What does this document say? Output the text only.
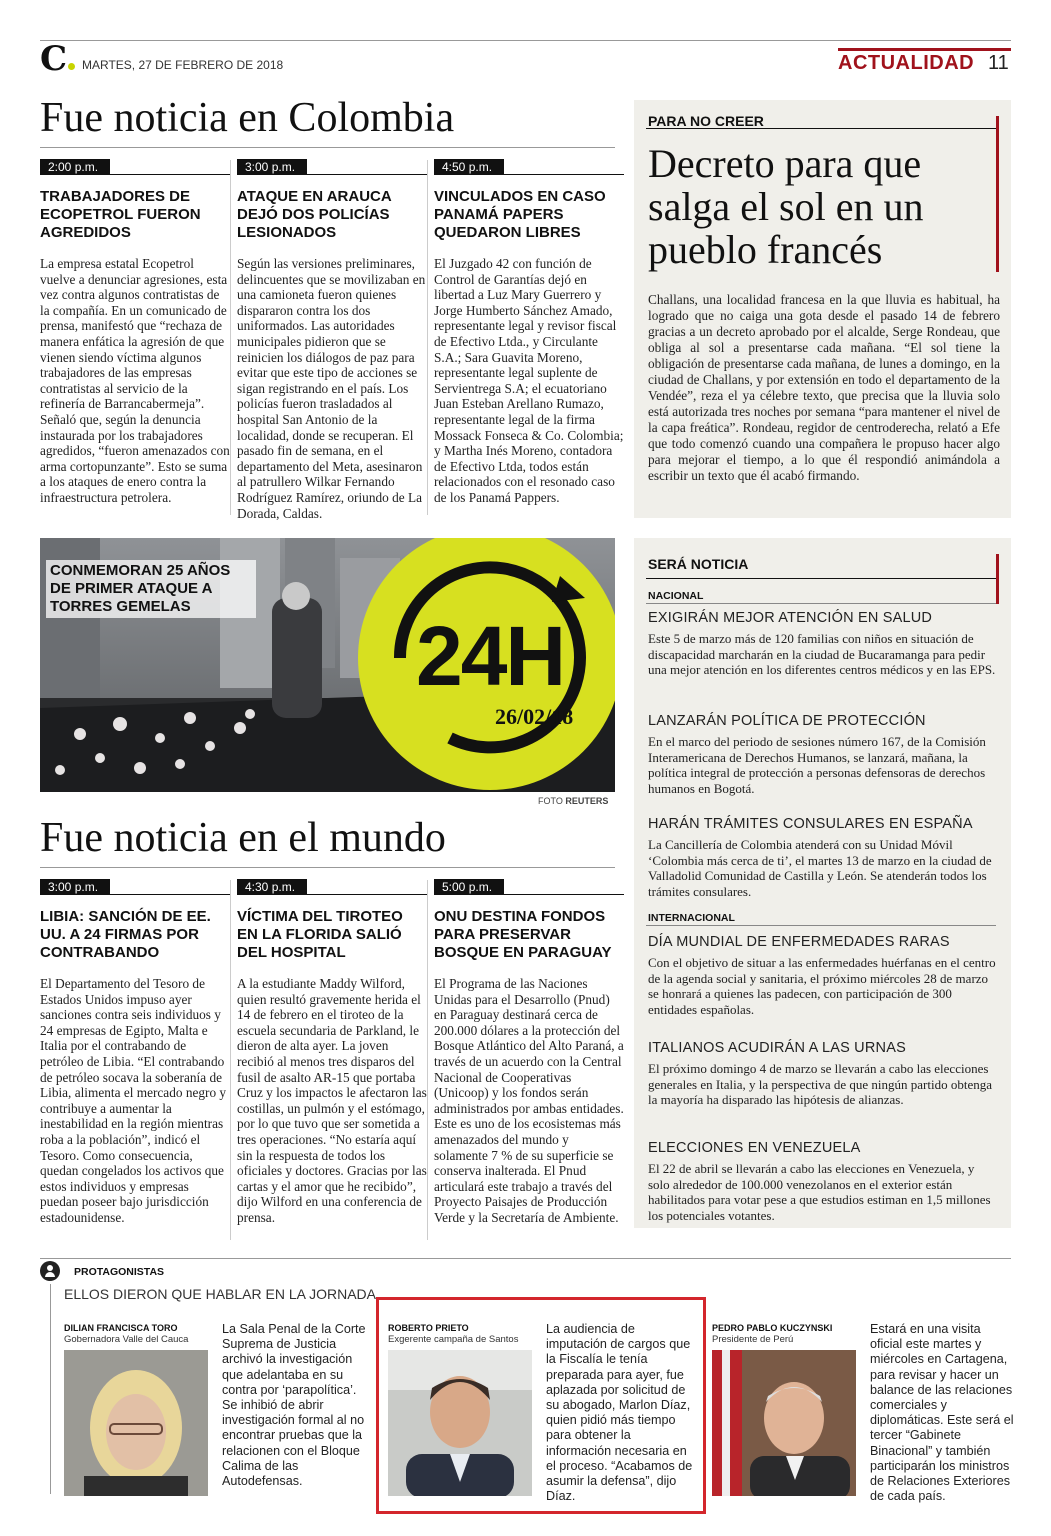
C	MARTES, 27 DE FEBRERO DE 2018	ACTUALIDAD 11
Fue noticia en Colombia
2:00 p.m.
TRABAJADORES DE ECOPETROL FUERON AGREDIDOS
La empresa estatal Ecopetrol vuelve a denunciar agresiones, esta vez contra algunos contratistas de la compañía. En un comunicado de prensa, manifestó que “rechaza de manera enfática la agresión de que vienen siendo víctima algunos trabajadores de las empresas contratistas al servicio de la refinería de Barrancabermeja”. Señaló que, según la denuncia instaurada por los trabajadores agredidos, “fueron amenazados con arma cortopunzante”. Esto se suma a los ataques de enero contra la infraestructura petrolera.
3:00 p.m.
ATAQUE EN ARAUCA DEJÓ DOS POLICÍAS LESIONADOS
Según las versiones preliminares, delincuentes que se movilizaban en una camioneta fueron quienes dispararon contra los dos uniformados. Las autoridades municipales pidieron que se reinicien los diálogos de paz para evitar que este tipo de acciones se sigan registrando en el país. Los policías fueron trasladados al hospital San Antonio de la localidad, donde se recuperan. El pasado fin de semana, en el departamento del Meta, asesinaron al patrullero Wilkar Fernando Rodríguez Ramírez, oriundo de La Dorada, Caldas.
4:50 p.m.
VINCULADOS EN CASO PANAMÁ PAPERS QUEDARON LIBRES
El Juzgado 42 con función de Control de Garantías dejó en libertad a Luz Mary Guerrero y Jorge Humberto Sánchez Amado, representante legal y revisor fiscal de Efectivo Ltda., y Circulante S.A.; Sara Guavita Moreno, representante legal suplente de Servientrega S.A; el ecuatoriano Juan Esteban Arellano Rumazo, representante legal de la firma Mossack Fonseca & Co. Colombia; y Martha Inés Moreno, contadora de Efectivo Ltda, todos están relacionados con el resonado caso de los Panamá Pappers.
PARA NO CREER
Decreto para que salga el sol en un pueblo francés
Challans, una localidad francesa en la que lluvia es habitual, ha logrado que no caiga una gota desde el pasado 14 de febrero gracias a un decreto aprobado por el alcalde, Serge Rondeau, que obliga al sol a presentarse cada mañana. “El sol tiene la obligación de presentarse cada mañana, de lunes a domingo, en la ciudad de Challans, y por extensión en todo el departamento de la Vendée”, reza el ya célebre texto, que precisa que la lluvia solo está autorizada tres noches por semana “para mantener el nivel de la capa freática”. Rondeau, regidor de centroderecha, relató a Efe que todo comenzó cuando una compañera le propuso hacer algo para mejorar el tiempo, a lo que él respondió animándola a escribir un texto que él acabó firmando.
24H
26/02/18
CONMEMORAN 25 AÑOS DE PRIMER ATAQUE A TORRES GEMELAS
FOTO REUTERS
SERÁ NOTICIA
NACIONAL
EXIGIRÁN MEJOR ATENCIÓN EN SALUD
Este 5 de marzo más de 120 familias con niños en situación de discapacidad marcharán en la ciudad de Bucaramanga para pedir una mejor atención en los diferentes centros médicos y en las EPS.
LANZARÁN POLÍTICA DE PROTECCIÓN
En el marco del periodo de sesiones número 167, de la Comisión Interamericana de Derechos Humanos, se lanzará, mañana, la política integral de protección a personas defensoras de derechos humanos en Bogotá.
HARÁN TRÁMITES CONSULARES EN ESPAÑA
La Cancillería de Colombia atenderá con su Unidad Móvil ‘Colombia más cerca de ti’, el martes 13 de marzo en la ciudad de Valladolid Comunidad de Castilla y León. Se atenderán todos los trámites consulares.
INTERNACIONAL
DÍA MUNDIAL DE ENFERMEDADES RARAS
Con el objetivo de situar a las enfermedades huérfanas en el centro de la agenda social y sanitaria, el próximo miércoles 28 de marzo se honrará a quienes las padecen, con participación de 300 entidades españolas.
ITALIANOS ACUDIRÁN A LAS URNAS
El próximo domingo 4 de marzo se llevarán a cabo las elecciones generales en Italia, y la perspectiva de que ningún partido obtenga la mayoría ha disparado las hipótesis de alianzas.
ELECCIONES EN VENEZUELA
El 22 de abril se llevarán a cabo las elecciones en Venezuela, y solo alrededor de 100.000 venezolanos en el exterior están habilitados para votar pese a que estudios estiman en 1,5 millones los potenciales votantes.
Fue noticia en el mundo
3:00 p.m.
LIBIA: SANCIÓN DE EE. UU. A 24 FIRMAS POR CONTRABANDO
El Departamento del Tesoro de Estados Unidos impuso ayer sanciones contra seis individuos y 24 empresas de Egipto, Malta e Italia por el contrabando de petróleo de Libia. “El contrabando de petróleo socava la soberanía de Libia, alimenta el mercado negro y contribuye a aumentar la inestabilidad en la región mientras roba a la población”, indicó el Tesoro. Como consecuencia, quedan congelados los activos que estos individuos y empresas puedan poseer bajo jurisdicción estadounidense.
4:30 p.m.
VÍCTIMA DEL TIROTEO EN LA FLORIDA SALIÓ DEL HOSPITAL
A la estudiante Maddy Wilford, quien resultó gravemente herida el 14 de febrero en el tiroteo de la escuela secundaria de Parkland, le dieron de alta ayer. La joven recibió al menos tres disparos del fusil de asalto AR-15 que portaba Cruz y los impactos le afectaron las costillas, un pulmón y el estómago, por lo que tuvo que ser sometida a tres operaciones. “No estaría aquí sin la respuesta de todos los oficiales y doctores. Gracias por las cartas y el amor que he recibido”, dijo Wilford en una conferencia de prensa.
5:00 p.m.
ONU DESTINA FONDOS PARA PRESERVAR BOSQUE EN PARAGUAY
El Programa de las Naciones Unidas para el Desarrollo (Pnud) en Paraguay destinará cerca de 200.000 dólares a la protección del Bosque Atlántico del Alto Paraná, a través de un acuerdo con la Central Nacional de Cooperativas (Unicoop) y los fondos serán administrados por ambas entidades. Este es uno de los ecosistemas más amenazados del mundo y solamente 7 % de su superficie se conserva inalterada. El Pnud articulará este trabajo a través del Proyecto Paisajes de Producción Verde y la Secretaría de Ambiente.
PROTAGONISTAS
ELLOS DIERON QUE HABLAR EN LA JORNADA
DILIAN FRANCISCA TORO
Gobernadora Valle del Cauca
La Sala Penal de la Corte Suprema de Justicia archivó la investigación que adelantaba en su contra por ‘parapolítica’. Se inhibió de abrir investigación formal al no encontrar pruebas que la relacionen con el Bloque Calima de las Autodefensas.
ROBERTO PRIETO
Exgerente campaña de Santos
La audiencia de imputación de cargos que la Fiscalía le tenía preparada para ayer, fue aplazada por solicitud de su abogado, Marlon Díaz, quien pidió más tiempo para obtener la información necesaria en el proceso. “Acabamos de asumir la defensa”, dijo Díaz.
PEDRO PABLO KUCZYNSKI
Presidente de Perú
Estará en una visita oficial este martes y miércoles en Cartagena, para revisar y hacer un balance de las relaciones comerciales y diplomáticas. Este será el tercer “Gabinete Binacional” y también participarán los ministros de Relaciones Exteriores de cada país.
